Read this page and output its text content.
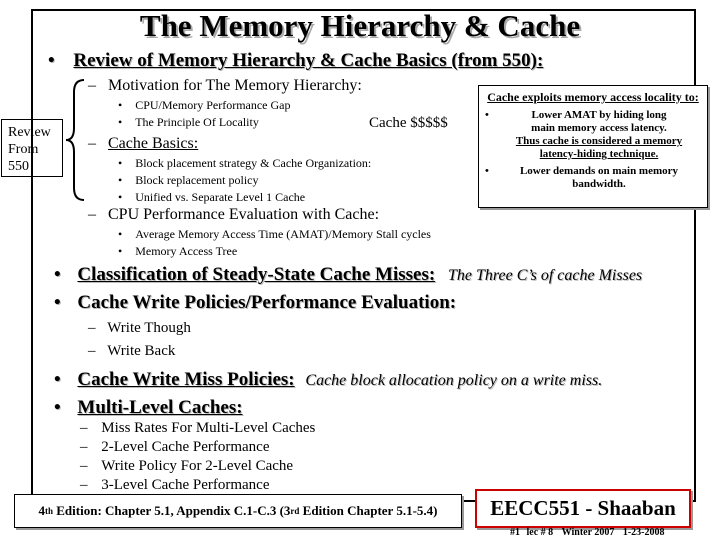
The Memory Hierarchy & Cache
• Review of Memory Hierarchy & Cache Basics (from 550):
– Motivation for The Memory Hierarchy:
• CPU/Memory Performance Gap
• The Principle Of Locality	Cache $$$$$
– Cache Basics:
• Block placement strategy & Cache Organization:
• Block replacement policy
• Unified vs. Separate Level 1 Cache
– CPU Performance Evaluation with Cache:
• Average Memory Access Time (AMAT)/Memory Stall cycles
• Memory Access Tree
Review
From
550
Cache exploits memory access locality to:
•	Lower AMAT by hiding long
main memory access latency.
Thus cache is considered a memory
latency-hiding technique.
•	Lower demands on main memory
bandwidth.
• Classification of Steady-State Cache Misses: The Three C’s of cache Misses
• Cache Write Policies/Performance Evaluation:
– Write Though
– Write Back
• Cache Write Miss Policies: Cache block allocation policy on a write miss.
• Multi-Level Caches:
– Miss Rates For Multi-Level Caches
– 2-Level Cache Performance
– Write Policy For 2-Level Cache
– 3-Level Cache Performance
4 th Edition: Chapter 5.1, Appendix C.1-C.3 ( 3 rd Edition Chapter 5.1-5.4)	EECC551 - Shaaban
#1 lec # 8 Winter 2007 1-23-2008
